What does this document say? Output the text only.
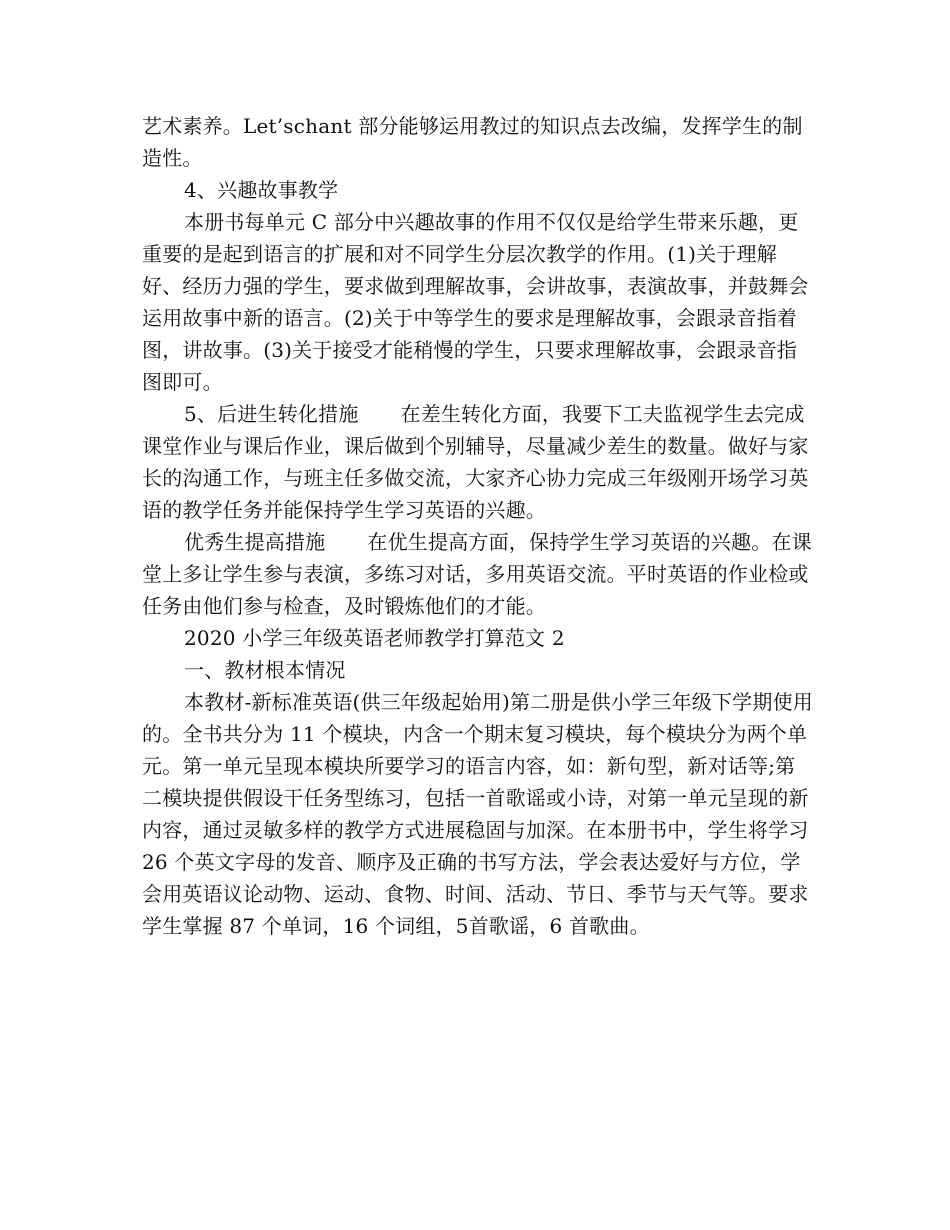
艺术素养。Let’schant 部分能够运用教过的知识点去改编，发挥学生的制造性。

4、兴趣故事教学

本册书每单元 C 部分中兴趣故事的作用不仅仅是给学生带来乐趣，更重要的是起到语言的扩展和对不同学生分层次教学的作用。(1)关于理解好、经历力强的学生，要求做到理解故事，会讲故事，表演故事，并鼓舞会运用故事中新的语言。(2)关于中等学生的要求是理解故事，会跟录音指着图，讲故事。(3)关于接受才能稍慢的学生，只要求理解故事，会跟录音指图即可。

5、后进生转化措施 在差生转化方面，我要下工夫监视学生去完成课堂作业与课后作业，课后做到个别辅导，尽量减少差生的数量。做好与家长的沟通工作，与班主任多做交流，大家齐心协力完成三年级刚开场学习英语的教学任务并能保持学生学习英语的兴趣。

优秀生提高措施 在优生提高方面，保持学生学习英语的兴趣。在课堂上多让学生参与表演，多练习对话，多用英语交流。平时英语的作业检或任务由他们参与检查，及时锻炼他们的才能。

2020 小学三年级英语老师教学打算范文 2

一、教材根本情况

本教材-新标准英语(供三年级起始用)第二册是供小学三年级下学期使用的。全书共分为 11 个模块，内含一个期末复习模块，每个模块分为两个单元。第一单元呈现本模块所要学习的语言内容，如：新句型，新对话等;第二模块提供假设干任务型练习，包括一首歌谣或小诗，对第一单元呈现的新内容，通过灵敏多样的教学方式进展稳固与加深。在本册书中，学生将学习 26 个英文字母的发音、顺序及正确的书写方法，学会表达爱好与方位，学会用英语议论动物、运动、食物、时间、活动、节日、季节与天气等。要求学生掌握 87 个单词，16 个词组，5首歌谣，6 首歌曲。
